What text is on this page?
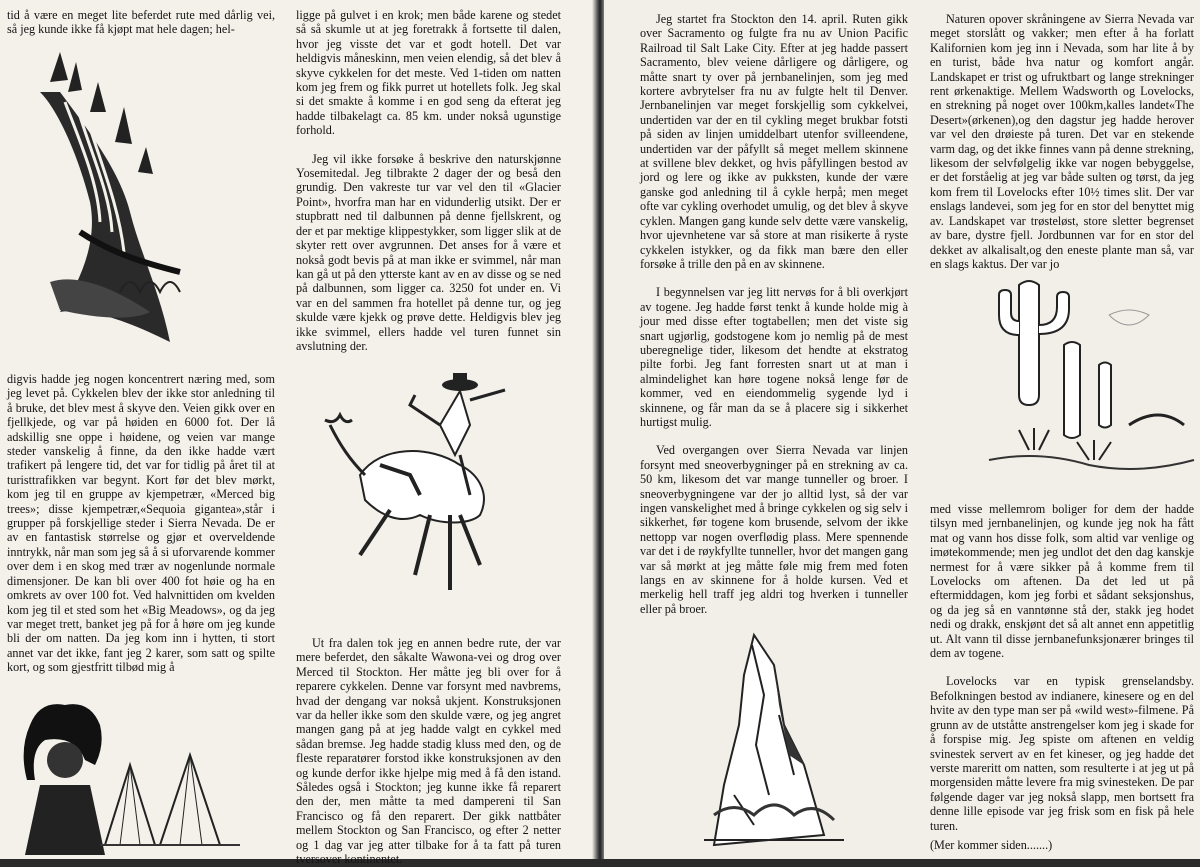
tid å være en meget lite beferdet rute med dårlig vei, så jeg kunde ikke få kjøpt mat hele dagen; hel-

digvis hadde jeg nogen koncentrert næring med, som jeg levet på. Cykkelen blev der ikke stor anledning til å bruke, det blev mest å skyve den. Veien gikk over en fjellkjede, og var på høiden en 6000 fot. Der lå adskillig sne oppe i høidene, og veien var mange steder vanskelig å finne, da den ikke hadde vært trafikert på lengere tid, det var for tidlig på året til at turisttrafikken var begynt. Kort før det blev mørkt, kom jeg til en gruppe av kjempetrær, «Merced big trees»; disse kjempetrær,«Sequoia gigantea»,står i grupper på forskjellige steder i Sierra Nevada. De er av en fantastisk størrelse og gjør et overveldende inntrykk, når man som jeg så å si uforvarende kommer over dem i en skog med trær av nogenlunde normale dimensjoner. De kan bli over 400 fot høie og ha en omkrets av over 100 fot. Ved halvnittiden om kvelden kom jeg til et sted som het «Big Meadows», og da jeg var meget trett, banket jeg på for å høre om jeg kunde bli der om natten. Da jeg kom inn i hytten, ti stort annet var det ikke, fant jeg 2 karer, som satt og spilte kort, og som gjestfritt tilbød mig å

ligge på gulvet i en krok; men både karene og stedet så så skumle ut at jeg foretrakk å fortsette til dalen, hvor jeg visste det var et godt hotell. Det var heldigvis måneskinn, men veien elendig, så det blev å skyve cykkelen for det meste. Ved 1-tiden om natten kom jeg frem og fikk purret ut hotellets folk. Jeg skal si det smakte å komme i en god seng da efterat jeg hadde tilbakelagt ca. 85 km. under nokså ugunstige forhold.

Jeg vil ikke forsøke å beskrive den naturskjønne Yosemitedal. Jeg tilbrakte 2 dager der og beså den grundig. Den vakreste tur var vel den til «Glacier Point», hvorfra man har en vidunderlig utsikt. Der er stupbratt ned til dalbunnen på denne fjellskrent, og der et par mektige klippestykker, som ligger slik at de skyter rett over avgrunnen. Det anses for å være et nokså godt bevis på at man ikke er svimmel, når man kan gå ut på den ytterste kant av en av disse og se ned på dalbunnen, som ligger ca. 3250 fot under en. Vi var en del sammen fra hotellet på denne tur, og jeg skulde være kjekk og prøve dette. Heldigvis blev jeg ikke svimmel, ellers hadde vel turen funnet sin avslutning der.

Ut fra dalen tok jeg en annen bedre rute, der var mere beferdet, den såkalte Wawona-vei og drog over Merced til Stockton. Her måtte jeg bli over for å reparere cykkelen. Denne var forsynt med navbrems, hvad der dengang var nokså ukjent. Konstruksjonen var da heller ikke som den skulde være, og jeg angret mangen gang på at jeg hadde valgt en cykkel med sådan bremse. Jeg hadde stadig kluss med den, og de fleste reparatører forstod ikke konstruksjonen av den og kunde derfor ikke hjelpe mig med å få den istand. Således også i Stockton; jeg kunne ikke få reparert den der, men måtte ta med dampereni til San Francisco og få den reparert. Der gikk nattbåter mellem Stockton og San Francisco, og efter 2 netter og 1 dag var jeg atter tilbake for å ta fatt på turen tversover kontinentet.

Jeg startet fra Stockton den 14. april. Ruten gikk over Sacramento og fulgte fra nu av Union Pacific Railroad til Salt Lake City. Efter at jeg hadde passert Sacramento, blev veiene dårligere og dårligere, og måtte snart ty over på jernbanelinjen, som jeg med kortere avbrytelser fra nu av fulgte helt til Denver. Jernbanelinjen var meget forskjellig som cykkelvei, undertiden var der en til cykling meget brukbar fotsti på siden av linjen umiddelbart utenfor svilleendene, undertiden var der påfyllt så meget mellem skinnene at svillene blev dekket, og hvis påfyllingen bestod av jord og lere og ikke av pukksten, kunde der være ganske god anledning til å cykle herpå; men meget ofte var cykling overhodet umulig, og det blev å skyve cyklen. Mangen gang kunde selv dette være vanskelig, hvor ujevnhetene var så store at man risikerte å ryste cykkelen istykker, og da fikk man bære den eller forsøke å trille den på en av skinnene.

I begynnelsen var jeg litt nervøs for å bli overkjørt av togene. Jeg hadde først tenkt å kunde holde mig à jour med disse efter togtabellen; men det viste sig snart ugjørlig, godstogene kom jo nemlig på de mest uberegnelige tider, likesom det hendte at ekstratog pilte forbi. Jeg fant forresten snart ut at man i almindelighet kan høre togene nokså lenge før de kommer, ved en eiendommelig sygende lyd i skinnene, og får man da se å placere sig i sikkerhet hurtigst mulig.

Ved overgangen over Sierra Nevada var linjen forsynt med sneoverbygninger på en strekning av ca. 50 km, likesom det var mange tunneller og broer. I sneoverbygningene var der jo alltid lyst, så der var ingen vanskelighet med å bringe cykkelen og sig selv i sikkerhet, før togene kom brusende, selvom der ikke nettopp var nogen overflødig plass. Mere spennende var det i de røykfyllte tunneller, hvor det mangen gang var så mørkt at jeg måtte føle mig frem med foten langs en av skinnene for å holde kursen. Ved et merkelig hell traff jeg aldri tog hverken i tunneller eller på broer.

Naturen opover skråningene av Sierra Nevada var meget storslått og vakker; men efter å ha forlatt Kalifornien kom jeg inn i Nevada, som har lite å by en turist, både hva natur og komfort angår. Landskapet er trist og ufruktbart og lange strekninger rent ørkenaktige. Mellem Wadsworth og Lovelocks, en strekning på noget over 100km,kalles landet«The Desert»(ørkenen),og den dagstur jeg hadde herover var vel den drøieste på turen. Det var en stekende varm dag, og det ikke finnes vann på denne strekning, likesom der selvfølgelig ikke var nogen bebyggelse, er det forståelig at jeg var både sulten og tørst, da jeg kom frem til Lovelocks efter 10½ times slit. Der var enslags landevei, som jeg for en stor del benyttet mig av. Landskapet var trøsteløst, store sletter begrenset av bare, dystre fjell. Jordbunnen var for en stor del dekket av alkalisalt,og den eneste plante man så, var en slags kaktus. Der var jo

med visse mellemrom boliger for dem der hadde tilsyn med jernbanelinjen, og kunde jeg nok ha fått mat og vann hos disse folk, som altid var venlige og imøtekommende; men jeg undlot det den dag kanskje nermest for å være sikker på å komme frem til Lovelocks om aftenen. Da det led ut på eftermiddagen, kom jeg forbi et sådant seksjonshus, og da jeg så en vanntønne stå der, stakk jeg hodet nedi og drakk, enskjønt det så alt annet enn appetitlig ut. Alt vann til disse jernbanefunksjonærer bringes til dem av togene.

Lovelocks var en typisk grenselandsby. Befolkningen bestod av indianere, kinesere og en del hvite av den type man ser på «wild west»-filmene. På grunn av de utståtte anstrengelser kom jeg i skade for å forspise mig. Jeg spiste om aftenen en veldig svinestek servert av en fet kineser, og jeg hadde det verste mareritt om natten, som resulterte i at jeg ut på morgensiden måtte levere fra mig svinesteken. De par følgende dager var jeg nokså slapp, men bortsett fra denne lille episode var jeg frisk som en fisk på hele turen.

(Mer kommer siden.......)
